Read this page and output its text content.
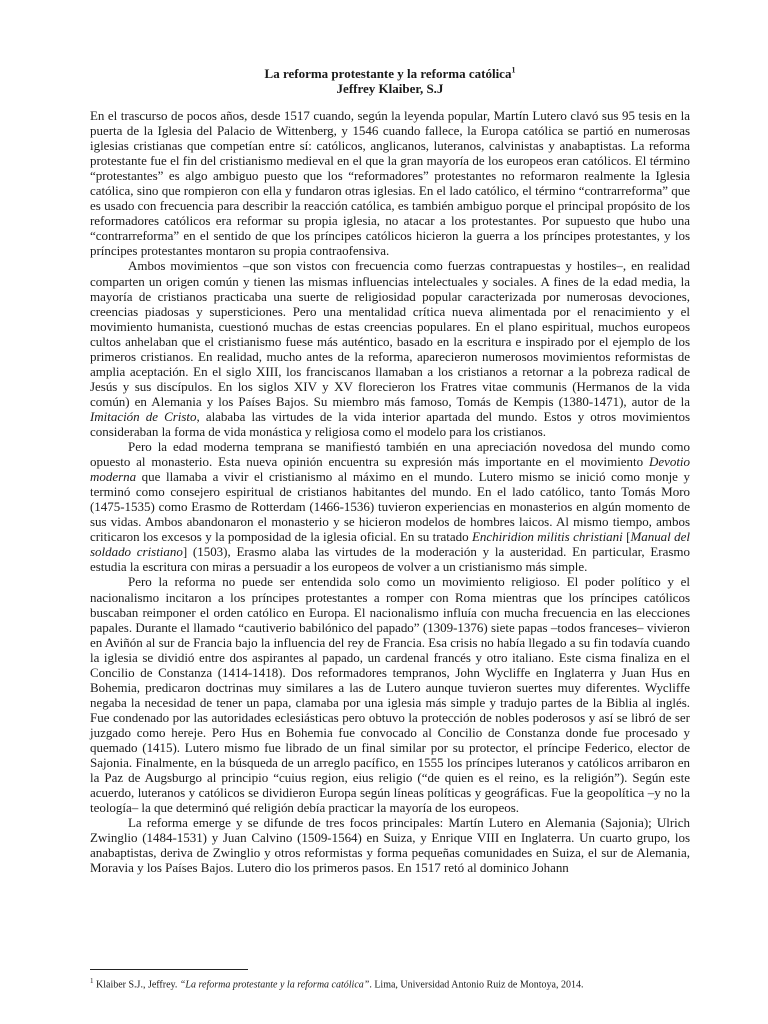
La reforma protestante y la reforma católica$^1$
Jeffrey Klaiber, S.J

En el trascurso de pocos años, desde 1517 cuando, según la leyenda popular, Martín Lutero clavó sus 95 tesis en la puerta de la Iglesia del Palacio de Wittenberg, y 1546 cuando fallece, la Europa católica se partió en numerosas iglesias cristianas que competían entre sí: católicos, anglicanos, luteranos, calvinistas y anabaptistas. La reforma protestante fue el fin del cristianismo medieval en el que la gran mayoría de los europeos eran católicos. El término “protestantes” es algo ambiguo puesto que los “reformadores” protestantes no reformaron realmente la Iglesia católica, sino que rompieron con ella y fundaron otras iglesias. En el lado católico, el término “contrarreforma” que es usado con frecuencia para describir la reacción católica, es también ambiguo porque el principal propósito de los reformadores católicos era reformar su propia iglesia, no atacar a los protestantes. Por supuesto que hubo una “contrarreforma” en el sentido de que los príncipes católicos hicieron la guerra a los príncipes protestantes, y los príncipes protestantes montaron su propia contraofensiva.

Ambos movimientos –que son vistos con frecuencia como fuerzas contrapuestas y hostiles–, en realidad comparten un origen común y tienen las mismas influencias intelectuales y sociales. A fines de la edad media, la mayoría de cristianos practicaba una suerte de religiosidad popular caracterizada por numerosas devociones, creencias piadosas y supersticiones. Pero una mentalidad crítica nueva alimentada por el renacimiento y el movimiento humanista, cuestionó muchas de estas creencias populares. En el plano espiritual, muchos europeos cultos anhelaban que el cristianismo fuese más auténtico, basado en la escritura e inspirado por el ejemplo de los primeros cristianos. En realidad, mucho antes de la reforma, aparecieron numerosos movimientos reformistas de amplia aceptación. En el siglo XIII, los franciscanos llamaban a los cristianos a retornar a la pobreza radical de Jesús y sus discípulos. En los siglos XIV y XV florecieron los Fratres vitae communis (Hermanos de la vida común) en Alemania y los Países Bajos. Su miembro más famoso, Tomás de Kempis (1380-1471), autor de la Imitación de Cristo, alababa las virtudes de la vida interior apartada del mundo. Estos y otros movimientos consideraban la forma de vida monástica y religiosa como el modelo para los cristianos.

Pero la edad moderna temprana se manifiestó también en una apreciación novedosa del mundo como opuesto al monasterio. Esta nueva opinión encuentra su expresión más importante en el movimiento Devotio moderna que llamaba a vivir el cristianismo al máximo en el mundo. Lutero mismo se inició como monje y terminó como consejero espiritual de cristianos habitantes del mundo. En el lado católico, tanto Tomás Moro (1475-1535) como Erasmo de Rotterdam (1466-1536) tuvieron experiencias en monasterios en algún momento de sus vidas. Ambos abandonaron el monasterio y se hicieron modelos de hombres laicos. Al mismo tiempo, ambos criticaron los excesos y la pomposidad de la iglesia oficial. En su tratado Enchiridion militis christiani [Manual del soldado cristiano] (1503), Erasmo alaba las virtudes de la moderación y la austeridad. En particular, Erasmo estudia la escritura con miras a persuadir a los europeos de volver a un cristianismo más simple.

Pero la reforma no puede ser entendida solo como un movimiento religioso. El poder político y el nacionalismo incitaron a los príncipes protestantes a romper con Roma mientras que los príncipes católicos buscaban reimponer el orden católico en Europa. El nacionalismo influía con mucha frecuencia en las elecciones papales. Durante el llamado “cautiverio babilónico del papado” (1309-1376) siete papas –todos franceses– vivieron en Aviñón al sur de Francia bajo la influencia del rey de Francia. Esa crisis no había llegado a su fin todavía cuando la iglesia se dividió entre dos aspirantes al papado, un cardenal francés y otro italiano. Este cisma finaliza en el Concilio de Constanza (1414-1418). Dos reformadores tempranos, John Wycliffe en Inglaterra y Juan Hus en Bohemia, predicaron doctrinas muy similares a las de Lutero aunque tuvieron suertes muy diferentes. Wycliffe negaba la necesidad de tener un papa, clamaba por una iglesia más simple y tradujo partes de la Biblia al inglés. Fue condenado por las autoridades eclesiásticas pero obtuvo la protección de nobles poderosos y así se libró de ser juzgado como hereje. Pero Hus en Bohemia fue convocado al Concilio de Constanza donde fue procesado y quemado (1415). Lutero mismo fue librado de un final similar por su protector, el príncipe Federico, elector de Sajonia. Finalmente, en la búsqueda de un arreglo pacífico, en 1555 los príncipes luteranos y católicos arribaron en la Paz de Augsburgo al principio “cuius region, eius religio (“de quien es el reino, es la religión”). Según este acuerdo, luteranos y católicos se dividieron Europa según líneas políticas y geográficas. Fue la geopolítica –y no la teología– la que determinó qué religión debía practicar la mayoría de los europeos.

La reforma emerge y se difunde de tres focos principales: Martín Lutero en Alemania (Sajonia); Ulrich Zwinglio (1484-1531) y Juan Calvino (1509-1564) en Suiza, y Enrique VIII en Inglaterra. Un cuarto grupo, los anabaptistas, deriva de Zwinglio y otros reformistas y forma pequeñas comunidades en Suiza, el sur de Alemania, Moravia y los Países Bajos. Lutero dio los primeros pasos. En 1517 retó al dominico Johann

$^1$ Klaiber S.J., Jeffrey. “La reforma protestante y la reforma católica”. Lima, Universidad Antonio Ruiz de Montoya, 2014.
